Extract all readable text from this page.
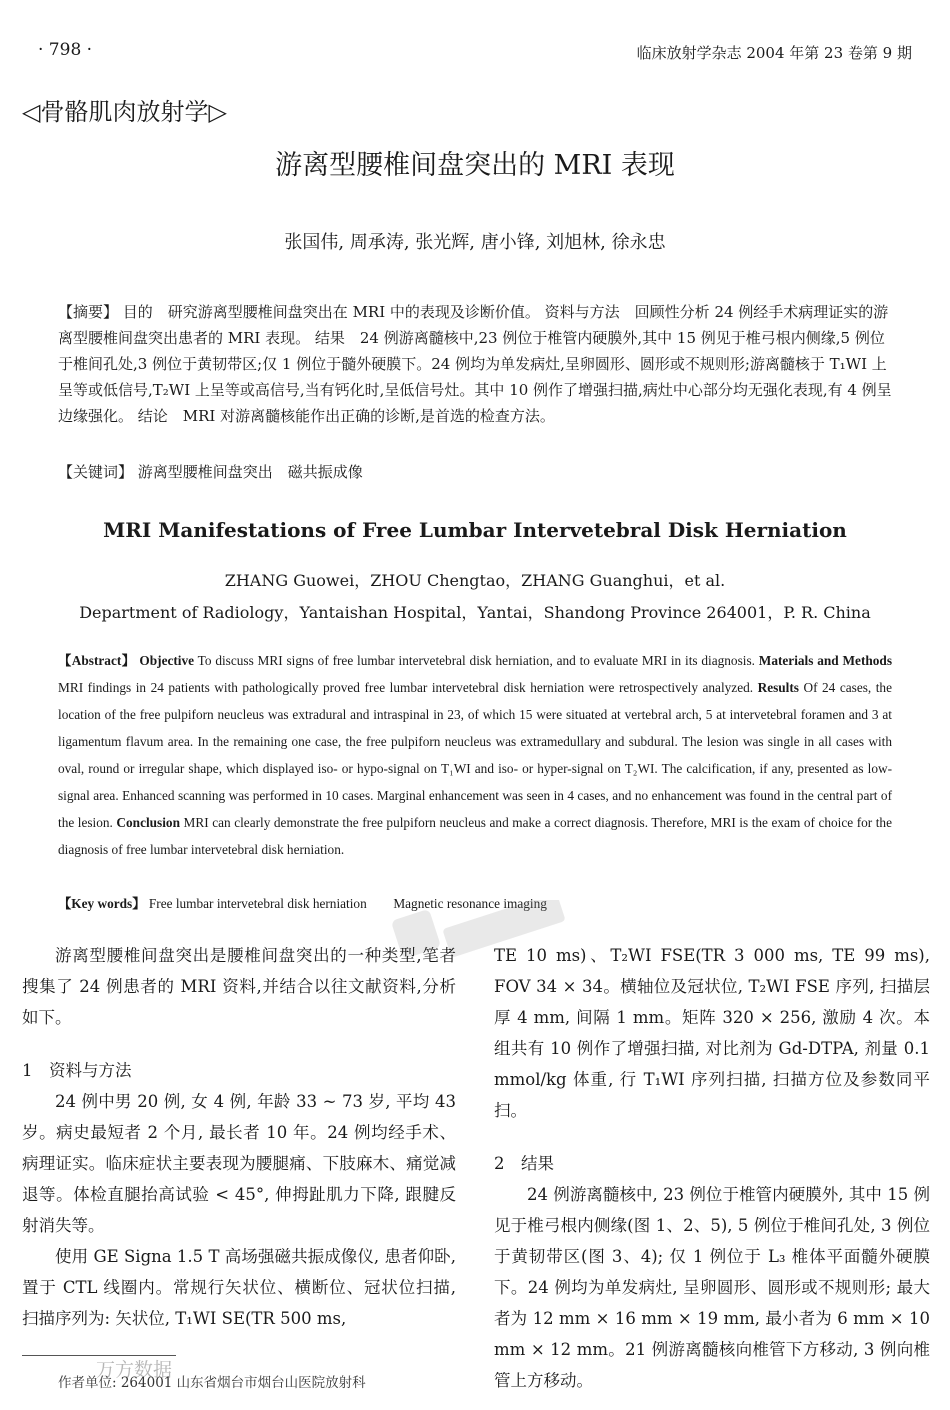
· 798 ·	临床放射学杂志 2004 年第 23 卷第 9 期
◁骨骼肌肉放射学▷
游离型腰椎间盘突出的 MRI 表现
张国伟, 周承涛, 张光辉, 唐小锋, 刘旭林, 徐永忠
【摘要】 目的　研究游离型腰椎间盘突出在 MRI 中的表现及诊断价值。 资料与方法　回顾性分析 24 例经手术病理证实的游离型腰椎间盘突出患者的 MRI 表现。 结果　24 例游离髓核中,23 例位于椎管内硬膜外,其中 15 例见于椎弓根内侧缘,5 例位于椎间孔处,3 例位于黄韧带区;仅 1 例位于髓外硬膜下。24 例均为单发病灶,呈卵圆形、圆形或不规则形;游离髓核于 T₁WI 上呈等或低信号,T₂WI 上呈等或高信号,当有钙化时,呈低信号灶。其中 10 例作了增强扫描,病灶中心部分均无强化表现,有 4 例呈边缘强化。 结论　MRI 对游离髓核能作出正确的诊断,是首选的检查方法。
【关键词】 游离型腰椎间盘突出　磁共振成像
MRI Manifestations of Free Lumbar Intervetebral Disk Herniation
ZHANG Guowei，ZHOU Chengtao，ZHANG Guanghui，et al.
Department of Radiology，Yantaishan Hospital，Yantai，Shandong Province 264001，P. R. China
【Abstract】 Objective To discuss MRI signs of free lumbar intervetebral disk herniation, and to evaluate MRI in its diagnosis. Materials and Methods MRI findings in 24 patients with pathologically proved free lumbar intervetebral disk herniation were retrospectively analyzed. Results Of 24 cases, the location of the free pulpiforn neucleus was extradural and intraspinal in 23, of which 15 were situated at vertebral arch, 5 at intervetebral foramen and 3 at ligamentum flavum area. In the remaining one case, the free pulpiforn neucleus was extramedullary and subdural. The lesion was single in all cases with oval, round or irregular shape, which displayed iso- or hypo-signal on T₁WI and iso- or hyper-signal on T₂WI. The calcification, if any, presented as low-signal area. Enhanced scanning was performed in 10 cases. Marginal enhancement was seen in 4 cases, and no enhancement was found in the central part of the lesion. Conclusion MRI can clearly demonstrate the free pulpiforn neucleus and make a correct diagnosis. Therefore, MRI is the exam of choice for the diagnosis of free lumbar intervetebral disk herniation.
【Key words】 Free lumbar intervetebral disk herniation　　Magnetic resonance imaging

游离型腰椎间盘突出是腰椎间盘突出的一种类型,笔者搜集了 24 例患者的 MRI 资料,并结合以往文献资料,分析如下。

1　资料与方法

24 例中男 20 例, 女 4 例, 年龄 33 ~ 73 岁, 平均 43 岁。病史最短者 2 个月, 最长者 10 年。24 例均经手术、病理证实。临床症状主要表现为腰腿痛、下肢麻木、痛觉减退等。体检直腿抬高试验 < 45°, 伸拇趾肌力下降, 跟腱反射消失等。

使用 GE Signa 1.5 T 高场强磁共振成像仪, 患者仰卧, 置于 CTL 线圈内。常规行矢状位、横断位、冠状位扫描, 扫描序列为: 矢状位, T₁WI SE(TR 500 ms,

TE 10 ms)、T₂WI FSE(TR 3 000 ms, TE 99 ms), FOV 34 × 34。横轴位及冠状位, T₂WI FSE 序列, 扫描层厚 4 mm, 间隔 1 mm。矩阵 320 × 256, 激励 4 次。本组共有 10 例作了增强扫描, 对比剂为 Gd-DTPA, 剂量 0.1 mmol/kg 体重, 行 T₁WI 序列扫描, 扫描方位及参数同平扫。

2　结果

24 例游离髓核中, 23 例位于椎管内硬膜外, 其中 15 例见于椎弓根内侧缘(图 1、2、5), 5 例位于椎间孔处, 3 例位于黄韧带区(图 3、4); 仅 1 例位于 L₃ 椎体平面髓外硬膜下。24 例均为单发病灶, 呈卵圆形、圆形或不规则形; 最大者为 12 mm × 16 mm × 19 mm, 最小者为 6 mm × 10 mm × 12 mm。21 例游离髓核向椎管下方移动, 3 例向椎管上方移动。

万方数据
作者单位: 264001 山东省烟台市烟台山医院放射科
